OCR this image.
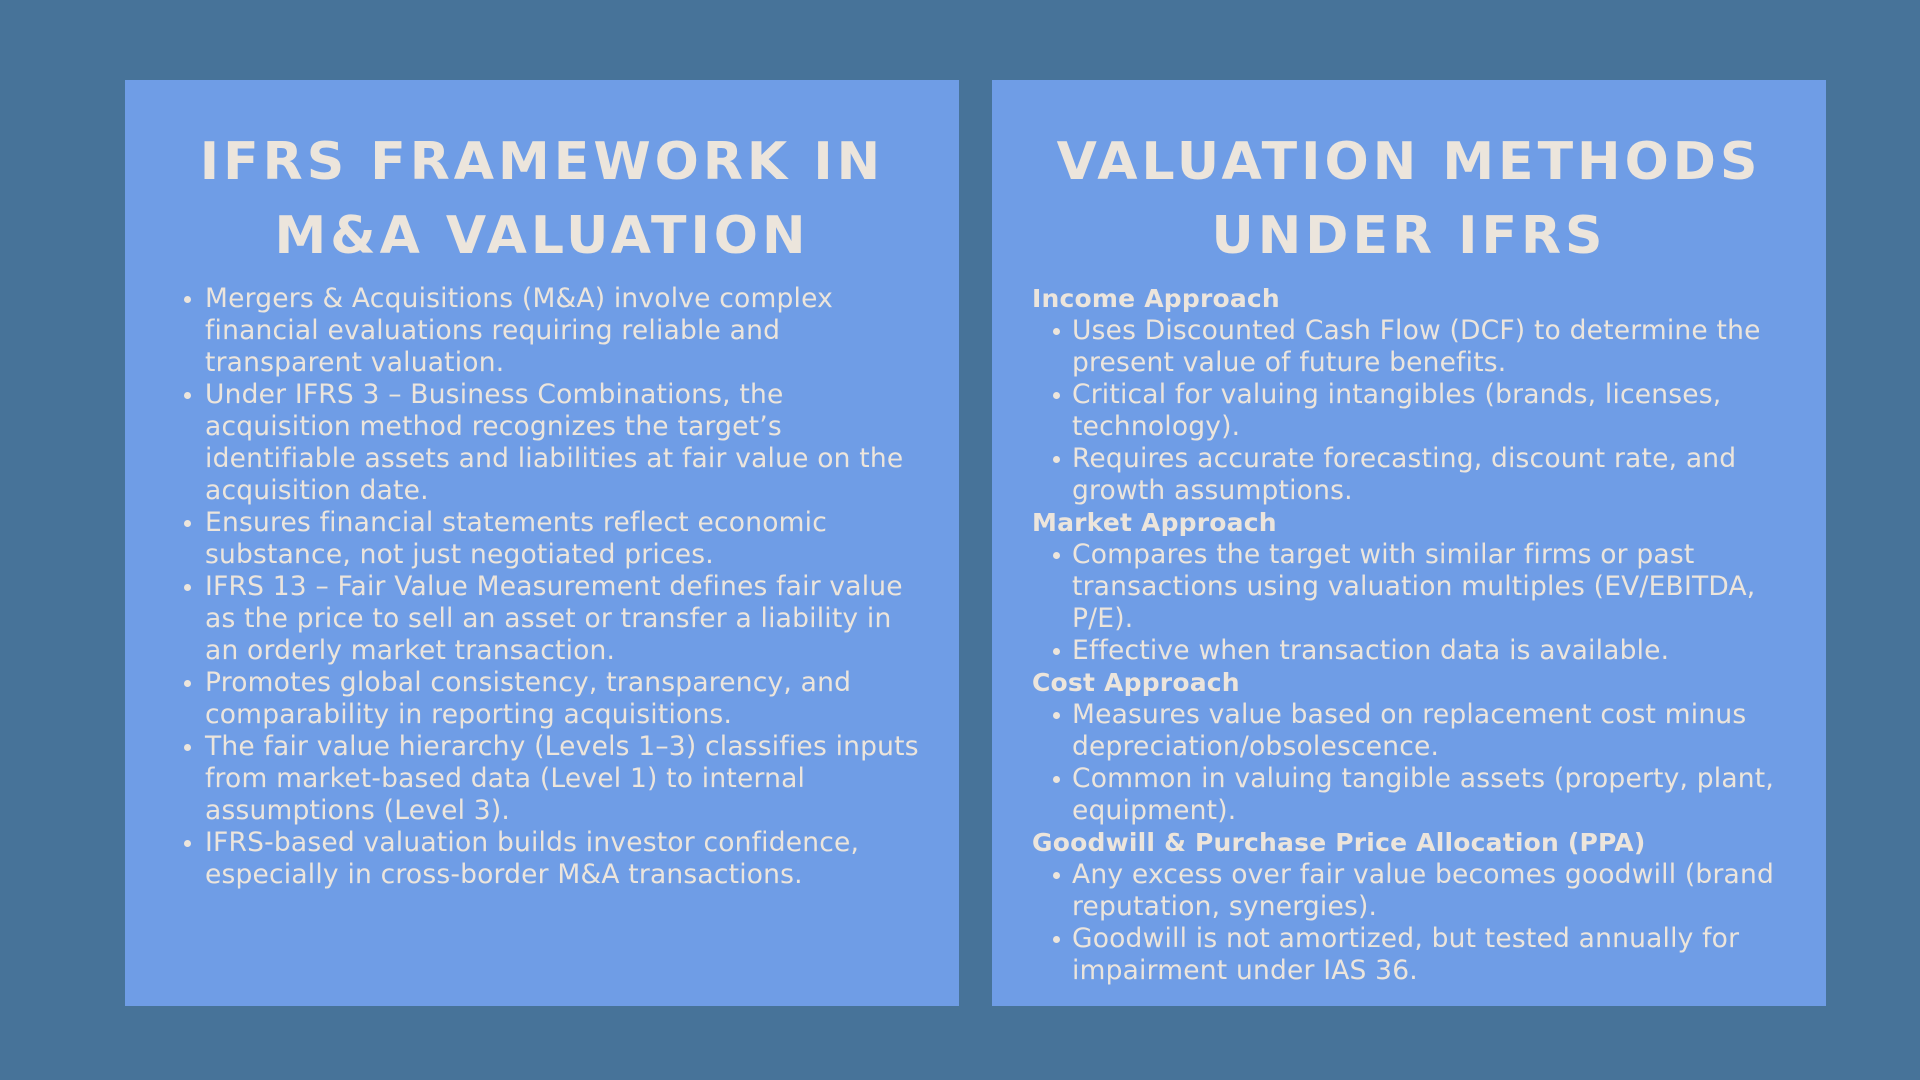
IFRS FRAMEWORK IN
M&A VALUATION
Mergers & Acquisitions (M&A) involve complex financial evaluations requiring reliable and transparent valuation.
Under IFRS 3 – Business Combinations, the acquisition method recognizes the target’s identifiable assets and liabilities at fair value on the acquisition date.
Ensures financial statements reflect economic substance, not just negotiated prices.
IFRS 13 – Fair Value Measurement defines fair value as the price to sell an asset or transfer a liability in an orderly market transaction.
Promotes global consistency, transparency, and comparability in reporting acquisitions.
The fair value hierarchy (Levels 1–3) classifies inputs from market-based data (Level 1) to internal assumptions (Level 3).
IFRS-based valuation builds investor confidence, especially in cross-border M&A transactions.
VALUATION METHODS
UNDER IFRS
Income Approach
Uses Discounted Cash Flow (DCF) to determine the present value of future benefits.
Critical for valuing intangibles (brands, licenses, technology).
Requires accurate forecasting, discount rate, and growth assumptions.
Market Approach
Compares the target with similar firms or past transactions using valuation multiples (EV/EBITDA, P/E).
Effective when transaction data is available.
Cost Approach
Measures value based on replacement cost minus depreciation/obsolescence.
Common in valuing tangible assets (property, plant, equipment).
Goodwill & Purchase Price Allocation (PPA)
Any excess over fair value becomes goodwill (brand reputation, synergies).
Goodwill is not amortized, but tested annually for impairment under IAS 36.
